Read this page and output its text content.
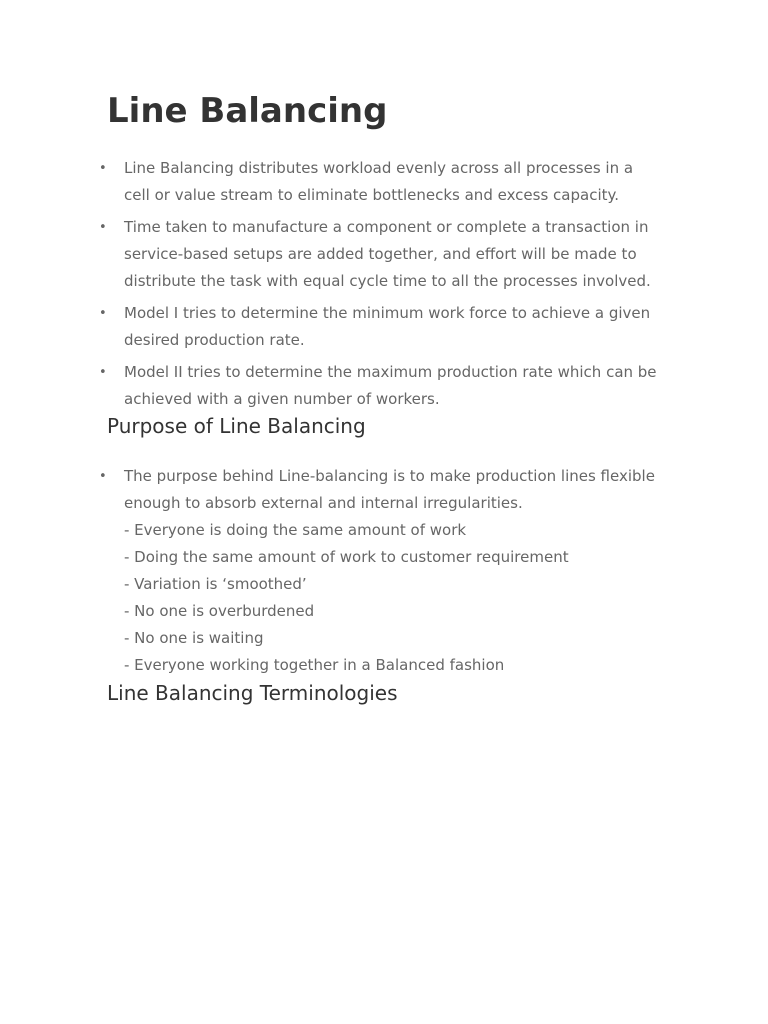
Line Balancing
• Line Balancing distributes workload evenly across all processes in a
cell or value stream to eliminate bottlenecks and excess capacity.
• Time taken to manufacture a component or complete a transaction in
service-based setups are added together, and effort will be made to
distribute the task with equal cycle time to all the processes involved.
• Model I tries to determine the minimum work force to achieve a given
desired production rate.
• Model II tries to determine the maximum production rate which can be
achieved with a given number of workers.
Purpose of Line Balancing
• The purpose behind Line-balancing is to make production lines flexible
enough to absorb external and internal irregularities.
- Everyone is doing the same amount of work
- Doing the same amount of work to customer requirement
- Variation is ‘smoothed’
- No one is overburdened
- No one is waiting
- Everyone working together in a Balanced fashion
Line Balancing Terminologies
